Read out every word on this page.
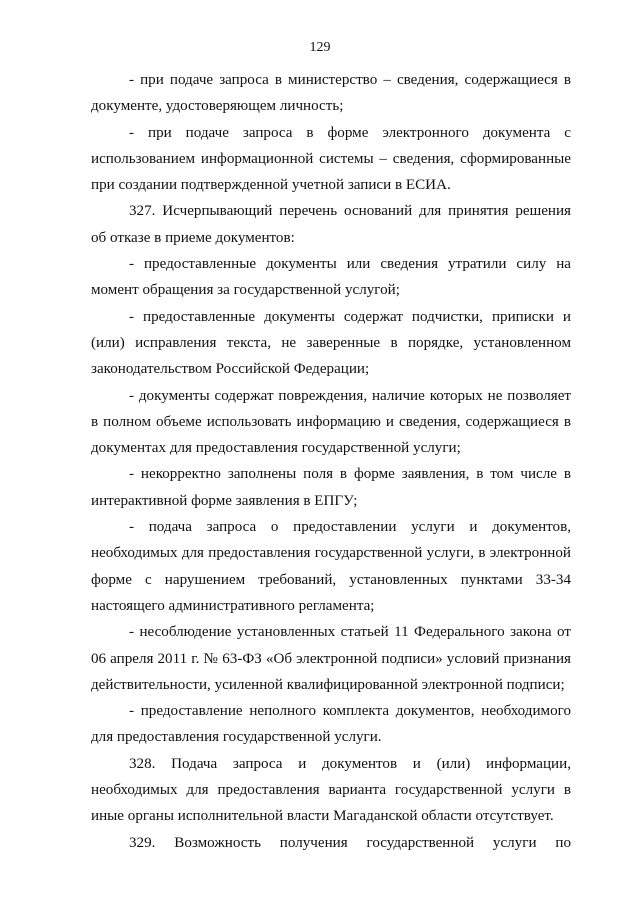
129

- при подаче запроса в министерство – сведения, содержащиеся в документе, удостоверяющем личность;

- при подаче запроса в форме электронного документа с использованием информационной системы – сведения, сформированные при создании подтвержденной учетной записи в ЕСИА.

327. Исчерпывающий перечень оснований для принятия решения об отказе в приеме документов:

- предоставленные документы или сведения утратили силу на момент обращения за государственной услугой;

- предоставленные документы содержат подчистки, приписки и (или) исправления текста, не заверенные в порядке, установленном законодательством Российской Федерации;

- документы содержат повреждения, наличие которых не позволяет в полном объеме использовать информацию и сведения, содержащиеся в документах для предоставления государственной услуги;

- некорректно заполнены поля в форме заявления, в том числе в интерактивной форме заявления в ЕПГУ;

- подача запроса о предоставлении услуги и документов, необходимых для предоставления государственной услуги, в электронной форме с нарушением требований, установленных пунктами 33-34 настоящего административного регламента;

- несоблюдение установленных статьей 11 Федерального закона от 06 апреля 2011 г. № 63-ФЗ «Об электронной подписи» условий признания действительности, усиленной квалифицированной электронной подписи;

- предоставление неполного комплекта документов, необходимого для предоставления государственной услуги.

328. Подача запроса и документов и (или) информации, необходимых для предоставления варианта государственной услуги в иные органы исполнительной власти Магаданской области отсутствует.

329. Возможность получения государственной услуги по
